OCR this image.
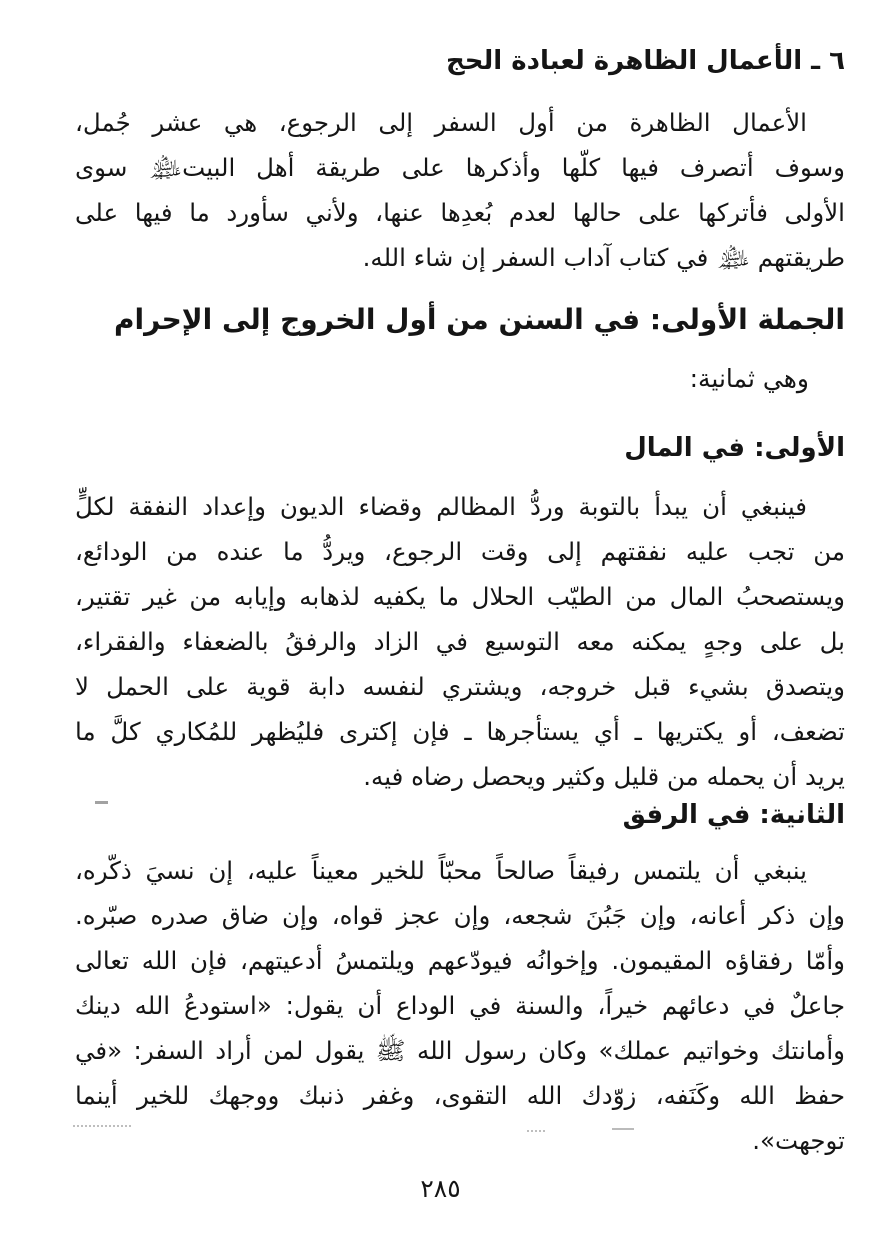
٦ ـ الأعمال الظاهرة لعبادة الحج
الأعمال الظاهرة من أول السفر إلى الرجوع، هي عشر جُمل،
وسوف أتصرف فيها كلّها وأذكرها على طريقة أهل البيت﵈ سوى
الأولى فأتركها على حالها لعدم بُعدِها عنها، ولأني سأورد ما فيها على
طريقتهم ﵈ في كتاب آداب السفر إن شاء الله.
الجملة الأولى: في السنن من أول الخروج إلى الإحرام
وهي ثمانية:
الأولى: في المال
فينبغي أن يبدأ بالتوبة وردُّ المظالم وقضاء الديون وإعداد النفقة لكلٍّ
من تجب عليه نفقتهم إلى وقت الرجوع، ويردُّ ما عنده من الودائع،
ويستصحبُ المال من الطيّب الحلال ما يكفيه لذهابه وإيابه من غير تقتير،
بل على وجهٍ يمكنه معه التوسيع في الزاد والرفقُ بالضعفاء والفقراء،
ويتصدق بشيء قبل خروجه، ويشتري لنفسه دابة قوية على الحمل لا
تضعف، أو يكتريها ـ أي يستأجرها ـ فإن إكترى فليُظهر للمُكاري كلَّ ما
يريد أن يحمله من قليل وكثير ويحصل رضاه فيه.
الثانية: في الرفق
ينبغي أن يلتمس رفيقاً صالحاً محبّاً للخير معيناً عليه، إن نسيَ ذكّره،
وإن ذكر أعانه، وإن جَبُنَ شجعه، وإن عجز قواه، وإن ضاق صدره صبّره.
وأمّا رفقاؤه المقيمون. وإخوانُه فيودّعهم ويلتمسُ أدعيتهم، فإن الله تعالى
جاعلٌ في دعائهم خيراً، والسنة في الوداع أن يقول: «استودعُ الله دينك
وأمانتك وخواتيم عملك» وكان رسول الله ﷺ يقول لمن أراد السفر: «في
حفظ الله وكَنَفه، زوّدك الله التقوى، وغفر ذنبك ووجهك للخير أينما
توجهت».
٢٨٥
